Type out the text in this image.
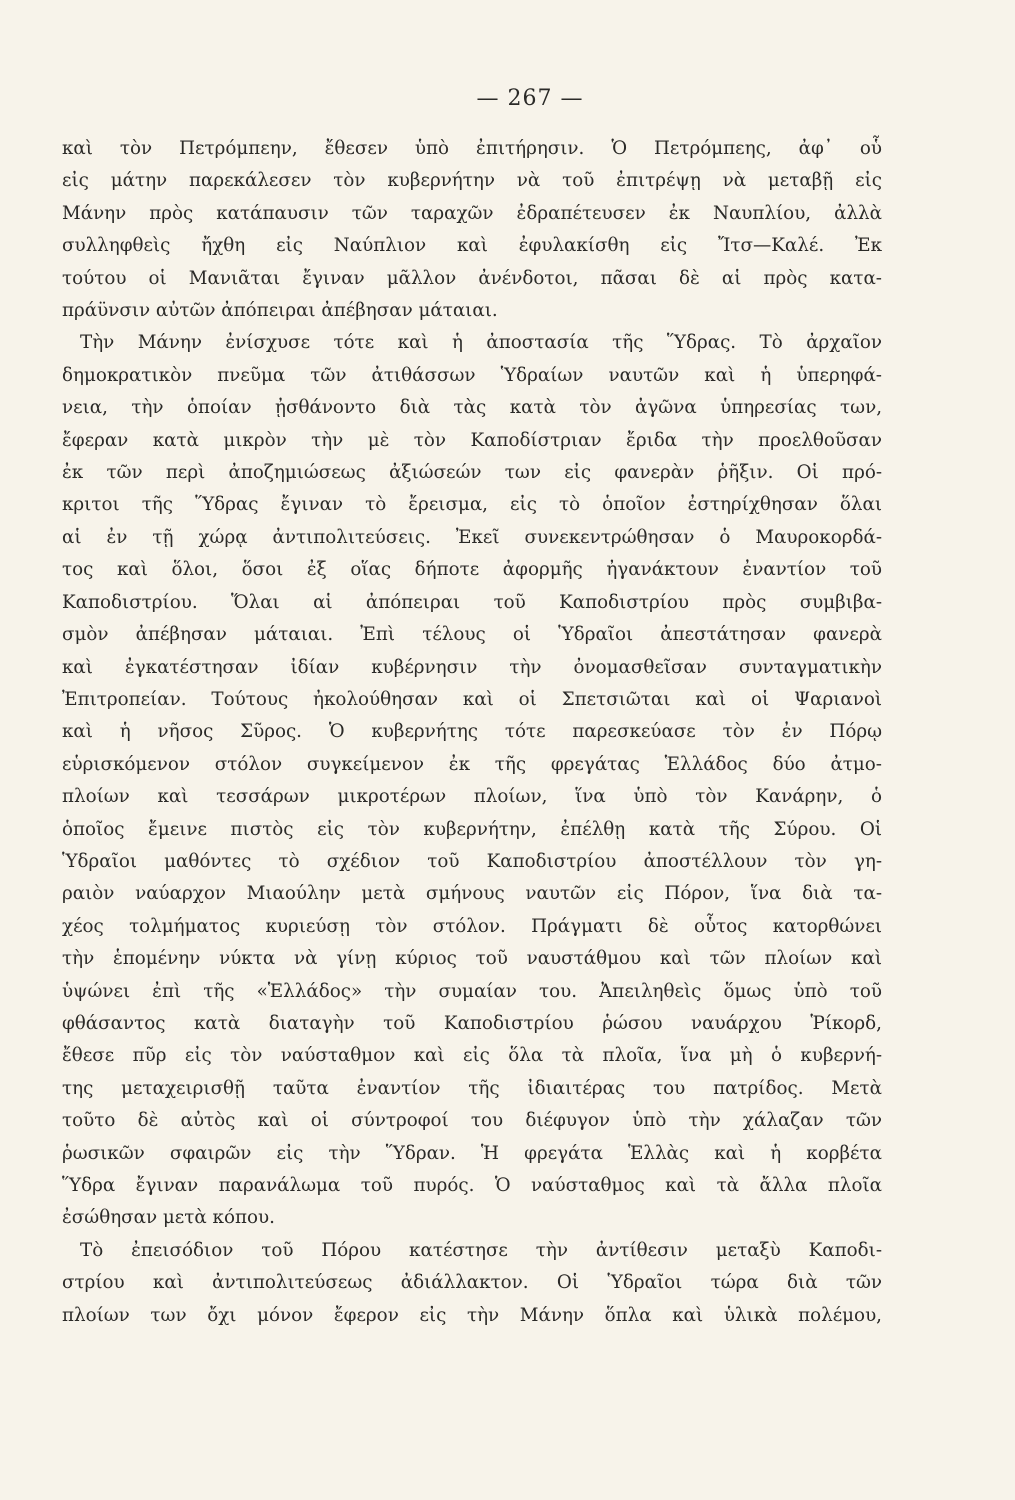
— 267 —
καὶ τὸν Πετρόμπεην, ἔθεσεν ὑπὸ ἐπιτήρησιν. Ὁ Πετρόμπεης, ἀφ᾽ οὗ
εἰς μάτην παρεκάλεσεν τὸν κυβερνήτην νὰ τοῦ ἐπιτρέψῃ νὰ μεταβῇ εἰς
Μάνην πρὸς κατάπαυσιν τῶν ταραχῶν ἐδραπέτευσεν ἐκ Ναυπλίου, ἀλλὰ
συλληφθεὶς ἤχθη εἰς Ναύπλιον καὶ ἐφυλακίσθη εἰς Ἴτσ—Καλέ. Ἐκ
τούτου οἱ Μανιᾶται ἔγιναν μᾶλλον ἀνένδοτοι, πᾶσαι δὲ αἱ πρὸς κατα-
πράϋνσιν αὐτῶν ἀπόπειραι ἀπέβησαν μάταιαι.
Τὴν Μάνην ἐνίσχυσε τότε καὶ ἡ ἀποστασία τῆς Ὕδρας. Τὸ ἀρχαῖον
δημοκρατικὸν πνεῦμα τῶν ἀτιθάσσων Ὑδραίων ναυτῶν καὶ ἡ ὑπερηφά-
νεια, τὴν ὁποίαν ᾐσθάνοντο διὰ τὰς κατὰ τὸν ἀγῶνα ὑπηρεσίας των,
ἔφεραν κατὰ μικρὸν τὴν μὲ τὸν Καποδίστριαν ἔριδα τὴν προελθοῦσαν
ἐκ τῶν περὶ ἀποζημιώσεως ἀξιώσεών των εἰς φανερὰν ῥῆξιν. Οἱ πρό-
κριτοι τῆς Ὕδρας ἔγιναν τὸ ἔρεισμα, εἰς τὸ ὁποῖον ἐστηρίχθησαν ὅλαι
αἱ ἐν τῇ χώρᾳ ἀντιπολιτεύσεις. Ἐκεῖ συνεκεντρώθησαν ὁ Μαυροκορδά-
τος καὶ ὅλοι, ὅσοι ἐξ οἵας δήποτε ἀφορμῆς ἠγανάκτουν ἐναντίον τοῦ
Καποδιστρίου. Ὅλαι αἱ ἀπόπειραι τοῦ Καποδιστρίου πρὸς συμβιβα-
σμὸν ἀπέβησαν μάταιαι. Ἐπὶ τέλους οἱ Ὑδραῖοι ἀπεστάτησαν φανερὰ
καὶ ἐγκατέστησαν ἰδίαν κυβέρνησιν τὴν ὀνομασθεῖσαν συνταγματικὴν
Ἐπιτροπείαν. Τούτους ἠκολούθησαν καὶ οἱ Σπετσιῶται καὶ οἱ Ψαριανοὶ
καὶ ἡ νῆσος Σῦρος. Ὁ κυβερνήτης τότε παρεσκεύασε τὸν ἐν Πόρῳ
εὑρισκόμενον στόλον συγκείμενον ἐκ τῆς φρεγάτας Ἑλλάδος δύο ἀτμο-
πλοίων καὶ τεσσάρων μικροτέρων πλοίων, ἵνα ὑπὸ τὸν Κανάρην, ὁ
ὁποῖος ἔμεινε πιστὸς εἰς τὸν κυβερνήτην, ἐπέλθῃ κατὰ τῆς Σύρου. Οἱ
Ὑδραῖοι μαθόντες τὸ σχέδιον τοῦ Καποδιστρίου ἀποστέλλουν τὸν γη-
ραιὸν ναύαρχον Μιαούλην μετὰ σμήνους ναυτῶν εἰς Πόρον, ἵνα διὰ τα-
χέος τολμήματος κυριεύσῃ τὸν στόλον. Πράγματι δὲ οὗτος κατορθώνει
τὴν ἑπομένην νύκτα νὰ γίνῃ κύριος τοῦ ναυστάθμου καὶ τῶν πλοίων καὶ
ὑψώνει ἐπὶ τῆς «Ἑλλάδος» τὴν συμαίαν του. Ἀπειληθεὶς ὅμως ὑπὸ τοῦ
φθάσαντος κατὰ διαταγὴν τοῦ Καποδιστρίου ῥώσου ναυάρχου Ῥίκορδ,
ἔθεσε πῦρ εἰς τὸν ναύσταθμον καὶ εἰς ὅλα τὰ πλοῖα, ἵνα μὴ ὁ κυβερνή-
της μεταχειρισθῇ ταῦτα ἐναντίον τῆς ἰδιαιτέρας του πατρίδος. Μετὰ
τοῦτο δὲ αὐτὸς καὶ οἱ σύντροφοί του διέφυγον ὑπὸ τὴν χάλαζαν τῶν
ῥωσικῶν σφαιρῶν εἰς τὴν Ὕδραν. Ἡ φρεγάτα Ἑλλὰς καὶ ἡ κορβέτα
Ὕδρα ἔγιναν παρανάλωμα τοῦ πυρός. Ὁ ναύσταθμος καὶ τὰ ἄλλα πλοῖα
ἐσώθησαν μετὰ κόπου.
Τὸ ἐπεισόδιον τοῦ Πόρου κατέστησε τὴν ἀντίθεσιν μεταξὺ Καποδι-
στρίου καὶ ἀντιπολιτεύσεως ἀδιάλλακτον. Οἱ Ὑδραῖοι τώρα διὰ τῶν
πλοίων των ὄχι μόνον ἔφερον εἰς τὴν Μάνην ὅπλα καὶ ὑλικὰ πολέμου,
